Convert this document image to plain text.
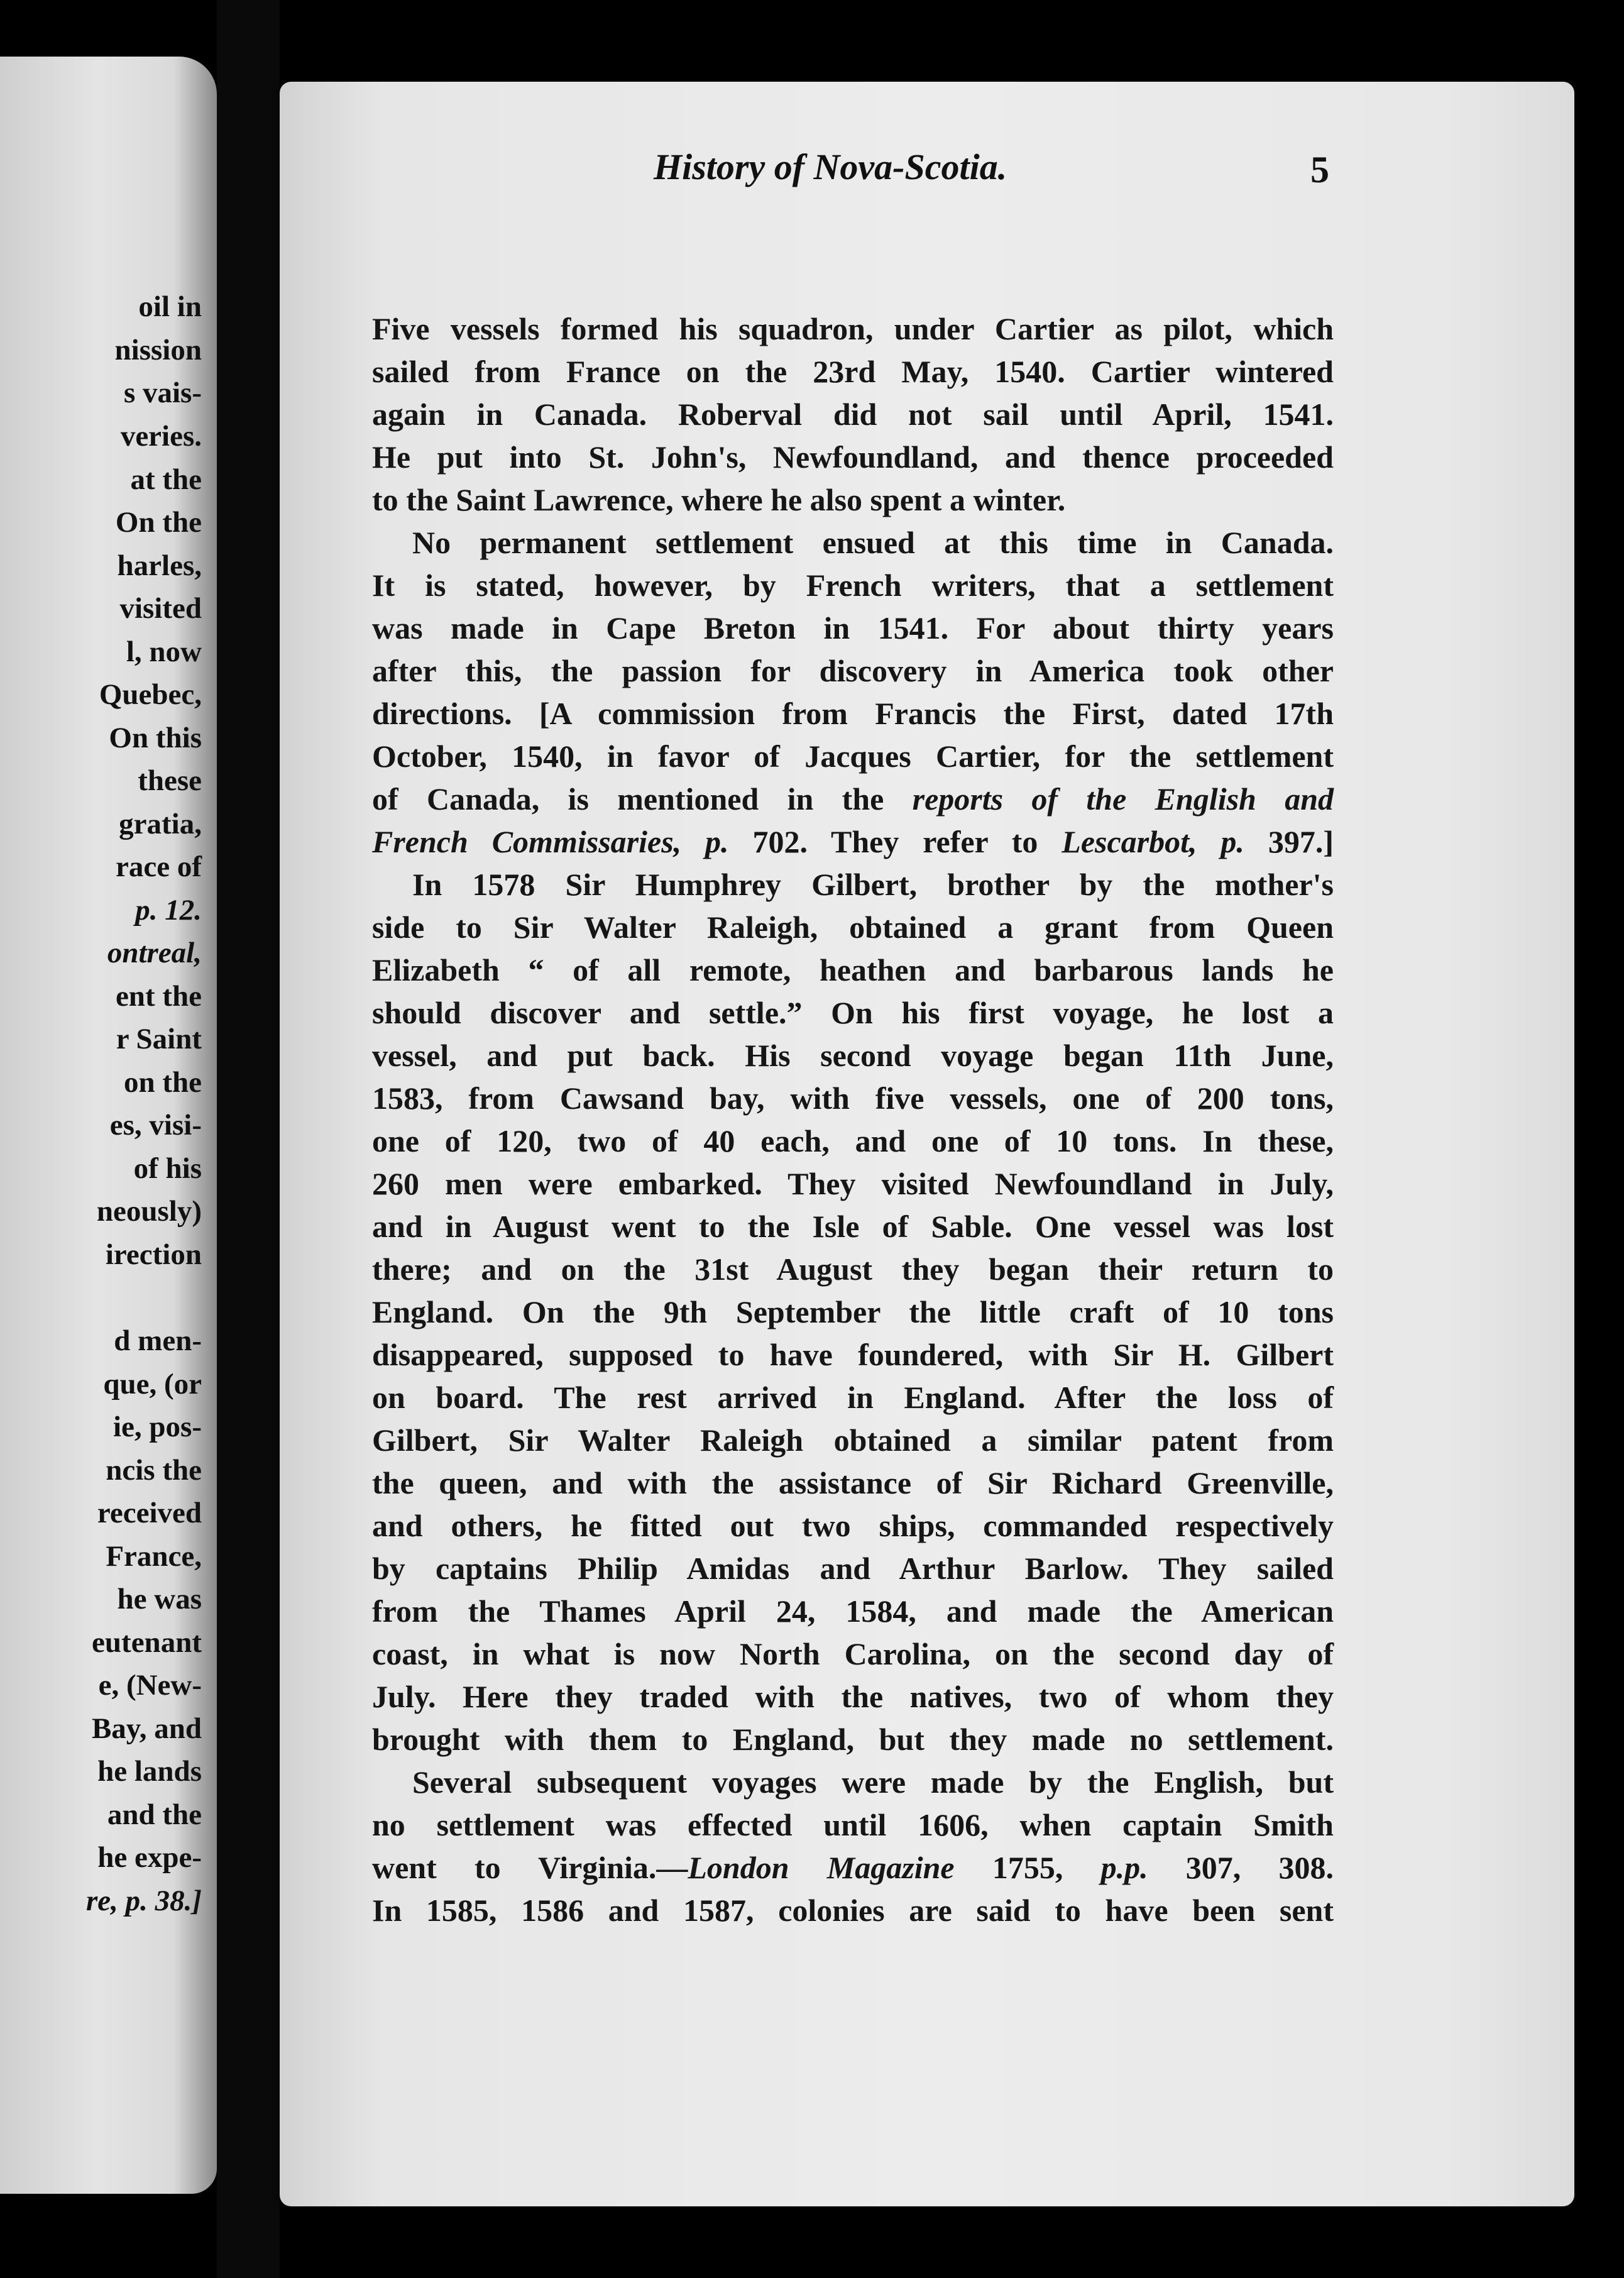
oil in
nission
s vais-
veries.
at the
On the
harles,
visited
l, now
Quebec,
On this
these
gratia,
race of
p. 12.
ontreal,
ent the
r Saint
on the
es, visi-
of his
neously)
irection
d men-
que, (or
ie, pos-
ncis the
received
France,
he was
eutenant
e, (New-
Bay, and
he lands
and the
he expe-
re, p. 38.]
History of Nova-Scotia.	5
Five vessels formed his squadron, under Cartier as pilot, which
sailed from France on the 23rd May, 1540. Cartier wintered
again in Canada. Roberval did not sail until April, 1541.
He put into St. John's, Newfoundland, and thence proceeded
to the Saint Lawrence, where he also spent a winter.
No permanent settlement ensued at this time in Canada.
It is stated, however, by French writers, that a settlement
was made in Cape Breton in 1541. For about thirty years
after this, the passion for discovery in America took other
directions. [A commission from Francis the First, dated 17th
October, 1540, in favor of Jacques Cartier, for the settlement
of Canada, is mentioned in the reports of the English and
French Commissaries, p. 702. They refer to Lescarbot, p. 397.]
In 1578 Sir Humphrey Gilbert, brother by the mother's
side to Sir Walter Raleigh, obtained a grant from Queen
Elizabeth “ of all remote, heathen and barbarous lands he
should discover and settle.” On his first voyage, he lost a
vessel, and put back. His second voyage began 11th June,
1583, from Cawsand bay, with five vessels, one of 200 tons,
one of 120, two of 40 each, and one of 10 tons. In these,
260 men were embarked. They visited Newfoundland in July,
and in August went to the Isle of Sable. One vessel was lost
there; and on the 31st August they began their return to
England. On the 9th September the little craft of 10 tons
disappeared, supposed to have foundered, with Sir H. Gilbert
on board. The rest arrived in England. After the loss of
Gilbert, Sir Walter Raleigh obtained a similar patent from
the queen, and with the assistance of Sir Richard Greenville,
and others, he fitted out two ships, commanded respectively
by captains Philip Amidas and Arthur Barlow. They sailed
from the Thames April 24, 1584, and made the American
coast, in what is now North Carolina, on the second day of
July. Here they traded with the natives, two of whom they
brought with them to England, but they made no settlement.
Several subsequent voyages were made by the English, but
no settlement was effected until 1606, when captain Smith
went to Virginia.—London Magazine 1755, p.p. 307, 308.
In 1585, 1586 and 1587, colonies are said to have been sent
